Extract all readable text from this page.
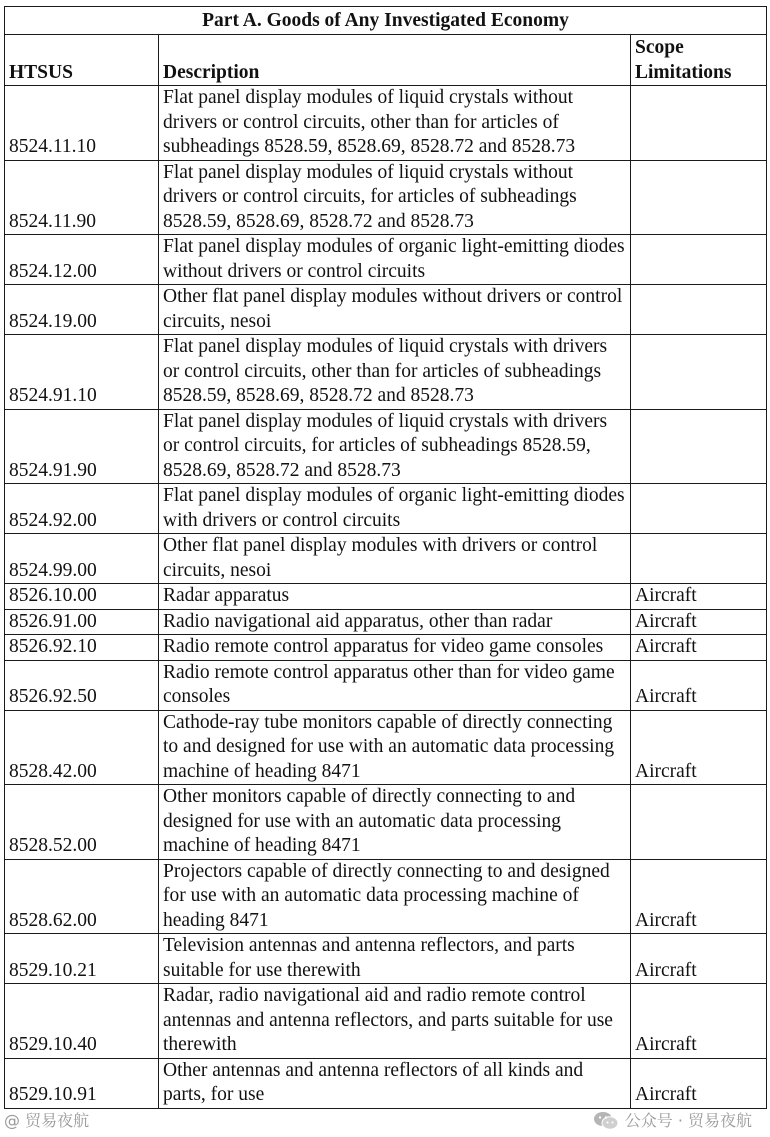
Part A. Goods of Any Investigated Economy		
HTSUS	Description	Scope Limitations
8524.11.10	Flat panel display modules of liquid crystals without drivers or control circuits, other than for articles of subheadings 8528.59, 8528.69, 8528.72 and 8528.73	
8524.11.90	Flat panel display modules of liquid crystals without drivers or control circuits, for articles of subheadings 8528.59, 8528.69, 8528.72 and 8528.73	
8524.12.00	Flat panel display modules of organic light-emitting diodes without drivers or control circuits	
8524.19.00	Other flat panel display modules without drivers or control circuits, nesoi	
8524.91.10	Flat panel display modules of liquid crystals with drivers or control circuits, other than for articles of subheadings 8528.59, 8528.69, 8528.72 and 8528.73	
8524.91.90	Flat panel display modules of liquid crystals with drivers or control circuits, for articles of subheadings 8528.59, 8528.69, 8528.72 and 8528.73	
8524.92.00	Flat panel display modules of organic light-emitting diodes with drivers or control circuits	
8524.99.00	Other flat panel display modules with drivers or control circuits, nesoi	
8526.10.00	Radar apparatus	Aircraft
8526.91.00	Radio navigational aid apparatus, other than radar	Aircraft
8526.92.10	Radio remote control apparatus for video game consoles	Aircraft
8526.92.50	Radio remote control apparatus other than for video game consoles	Aircraft
8528.42.00	Cathode-ray tube monitors capable of directly connecting to and designed for use with an automatic data processing machine of heading 8471	Aircraft
8528.52.00	Other monitors capable of directly connecting to and designed for use with an automatic data processing machine of heading 8471	
8528.62.00	Projectors capable of directly connecting to and designed for use with an automatic data processing machine of heading 8471	Aircraft
8529.10.21	Television antennas and antenna reflectors, and parts suitable for use therewith	Aircraft
8529.10.40	Radar, radio navigational aid and radio remote control antennas and antenna reflectors, and parts suitable for use therewith	Aircraft
8529.10.91	Other antennas and antenna reflectors of all kinds and parts, for use	Aircraft
@ 贸易夜航	公众号 · 贸易夜航
